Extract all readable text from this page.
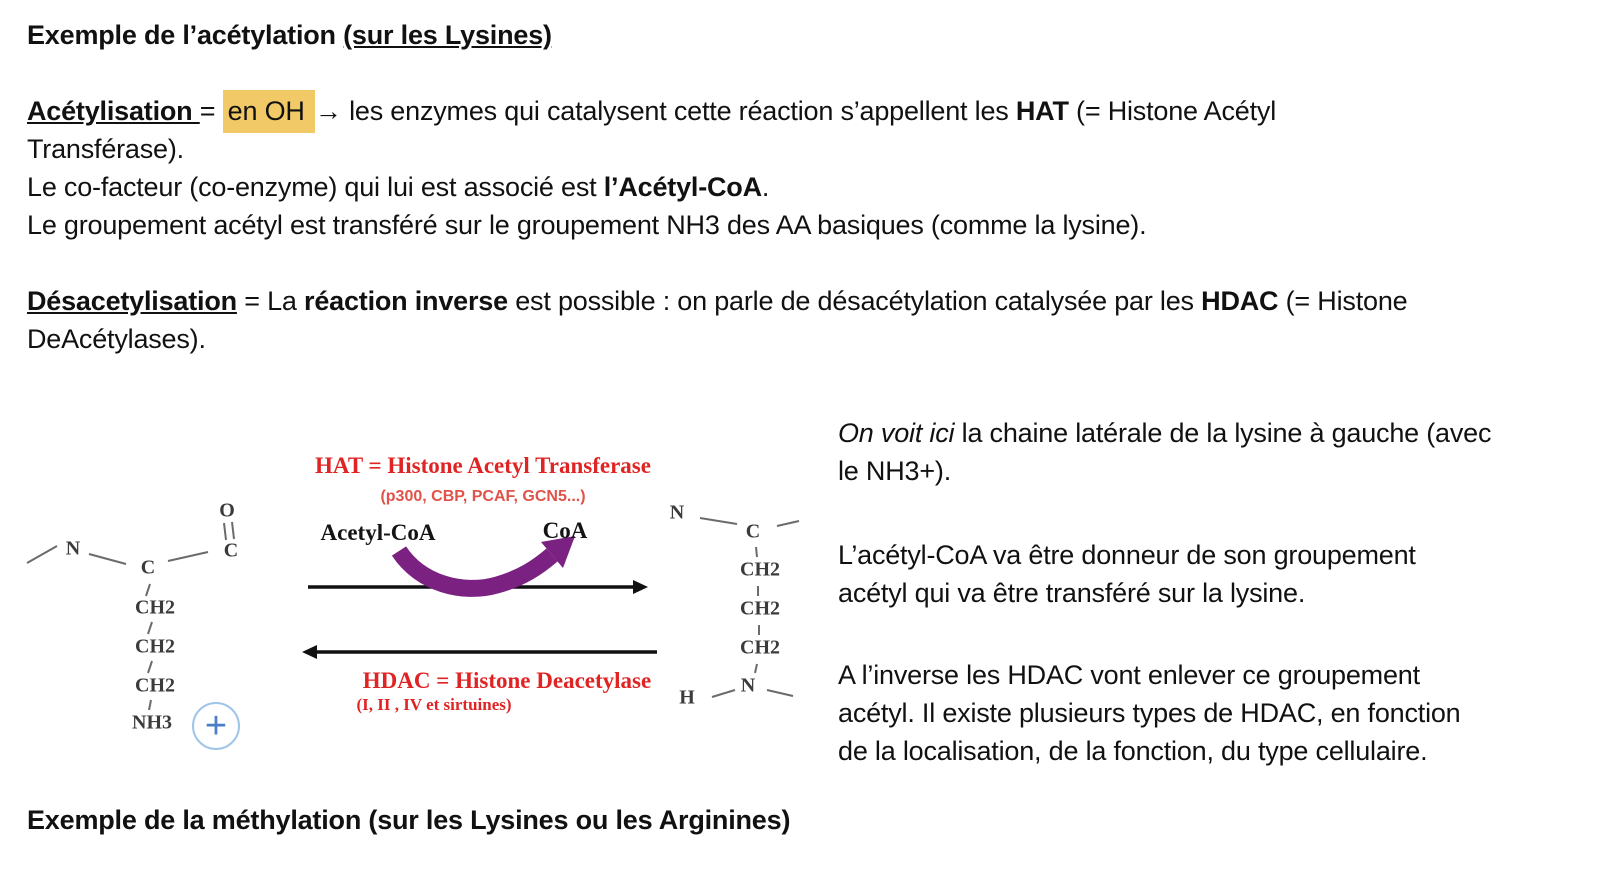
Exemple de l’acétylation (sur les Lysines)
Acétylisation = en OH → les enzymes qui catalysent cette réaction s’appellent les HAT (= Histone Acétyl
Transférase).
Le co-facteur (co-enzyme) qui lui est associé est l’Acétyl-CoA.
Le groupement acétyl est transféré sur le groupement NH3 des AA basiques (comme la lysine).
Désacetylisation = La réaction inverse est possible : on parle de désacétylation catalysée par les HDAC (= Histone
DeAcétylases).
On voit ici la chaine latérale de la lysine à gauche (avec
le NH3+).
L’acétyl-CoA va être donneur de son groupement
acétyl qui va être transféré sur la lysine.
A l’inverse les HDAC vont enlever ce groupement
acétyl. Il existe plusieurs types de HDAC, en fonction
de la localisation, de la fonction, du type cellulaire.
Exemple de la méthylation (sur les Lysines ou les Arginines)
HAT = Histone Acetyl Transferase
(p300, CBP, PCAF, GCN5...)
HDAC = Histone Deacetylase
(I, II , IV et sirtuines)
Acetyl-CoA	CoA
O
N
C
C
CH2
CH2
CH2
NH3 +
N
C
CH2
CH2
CH2
N
H
